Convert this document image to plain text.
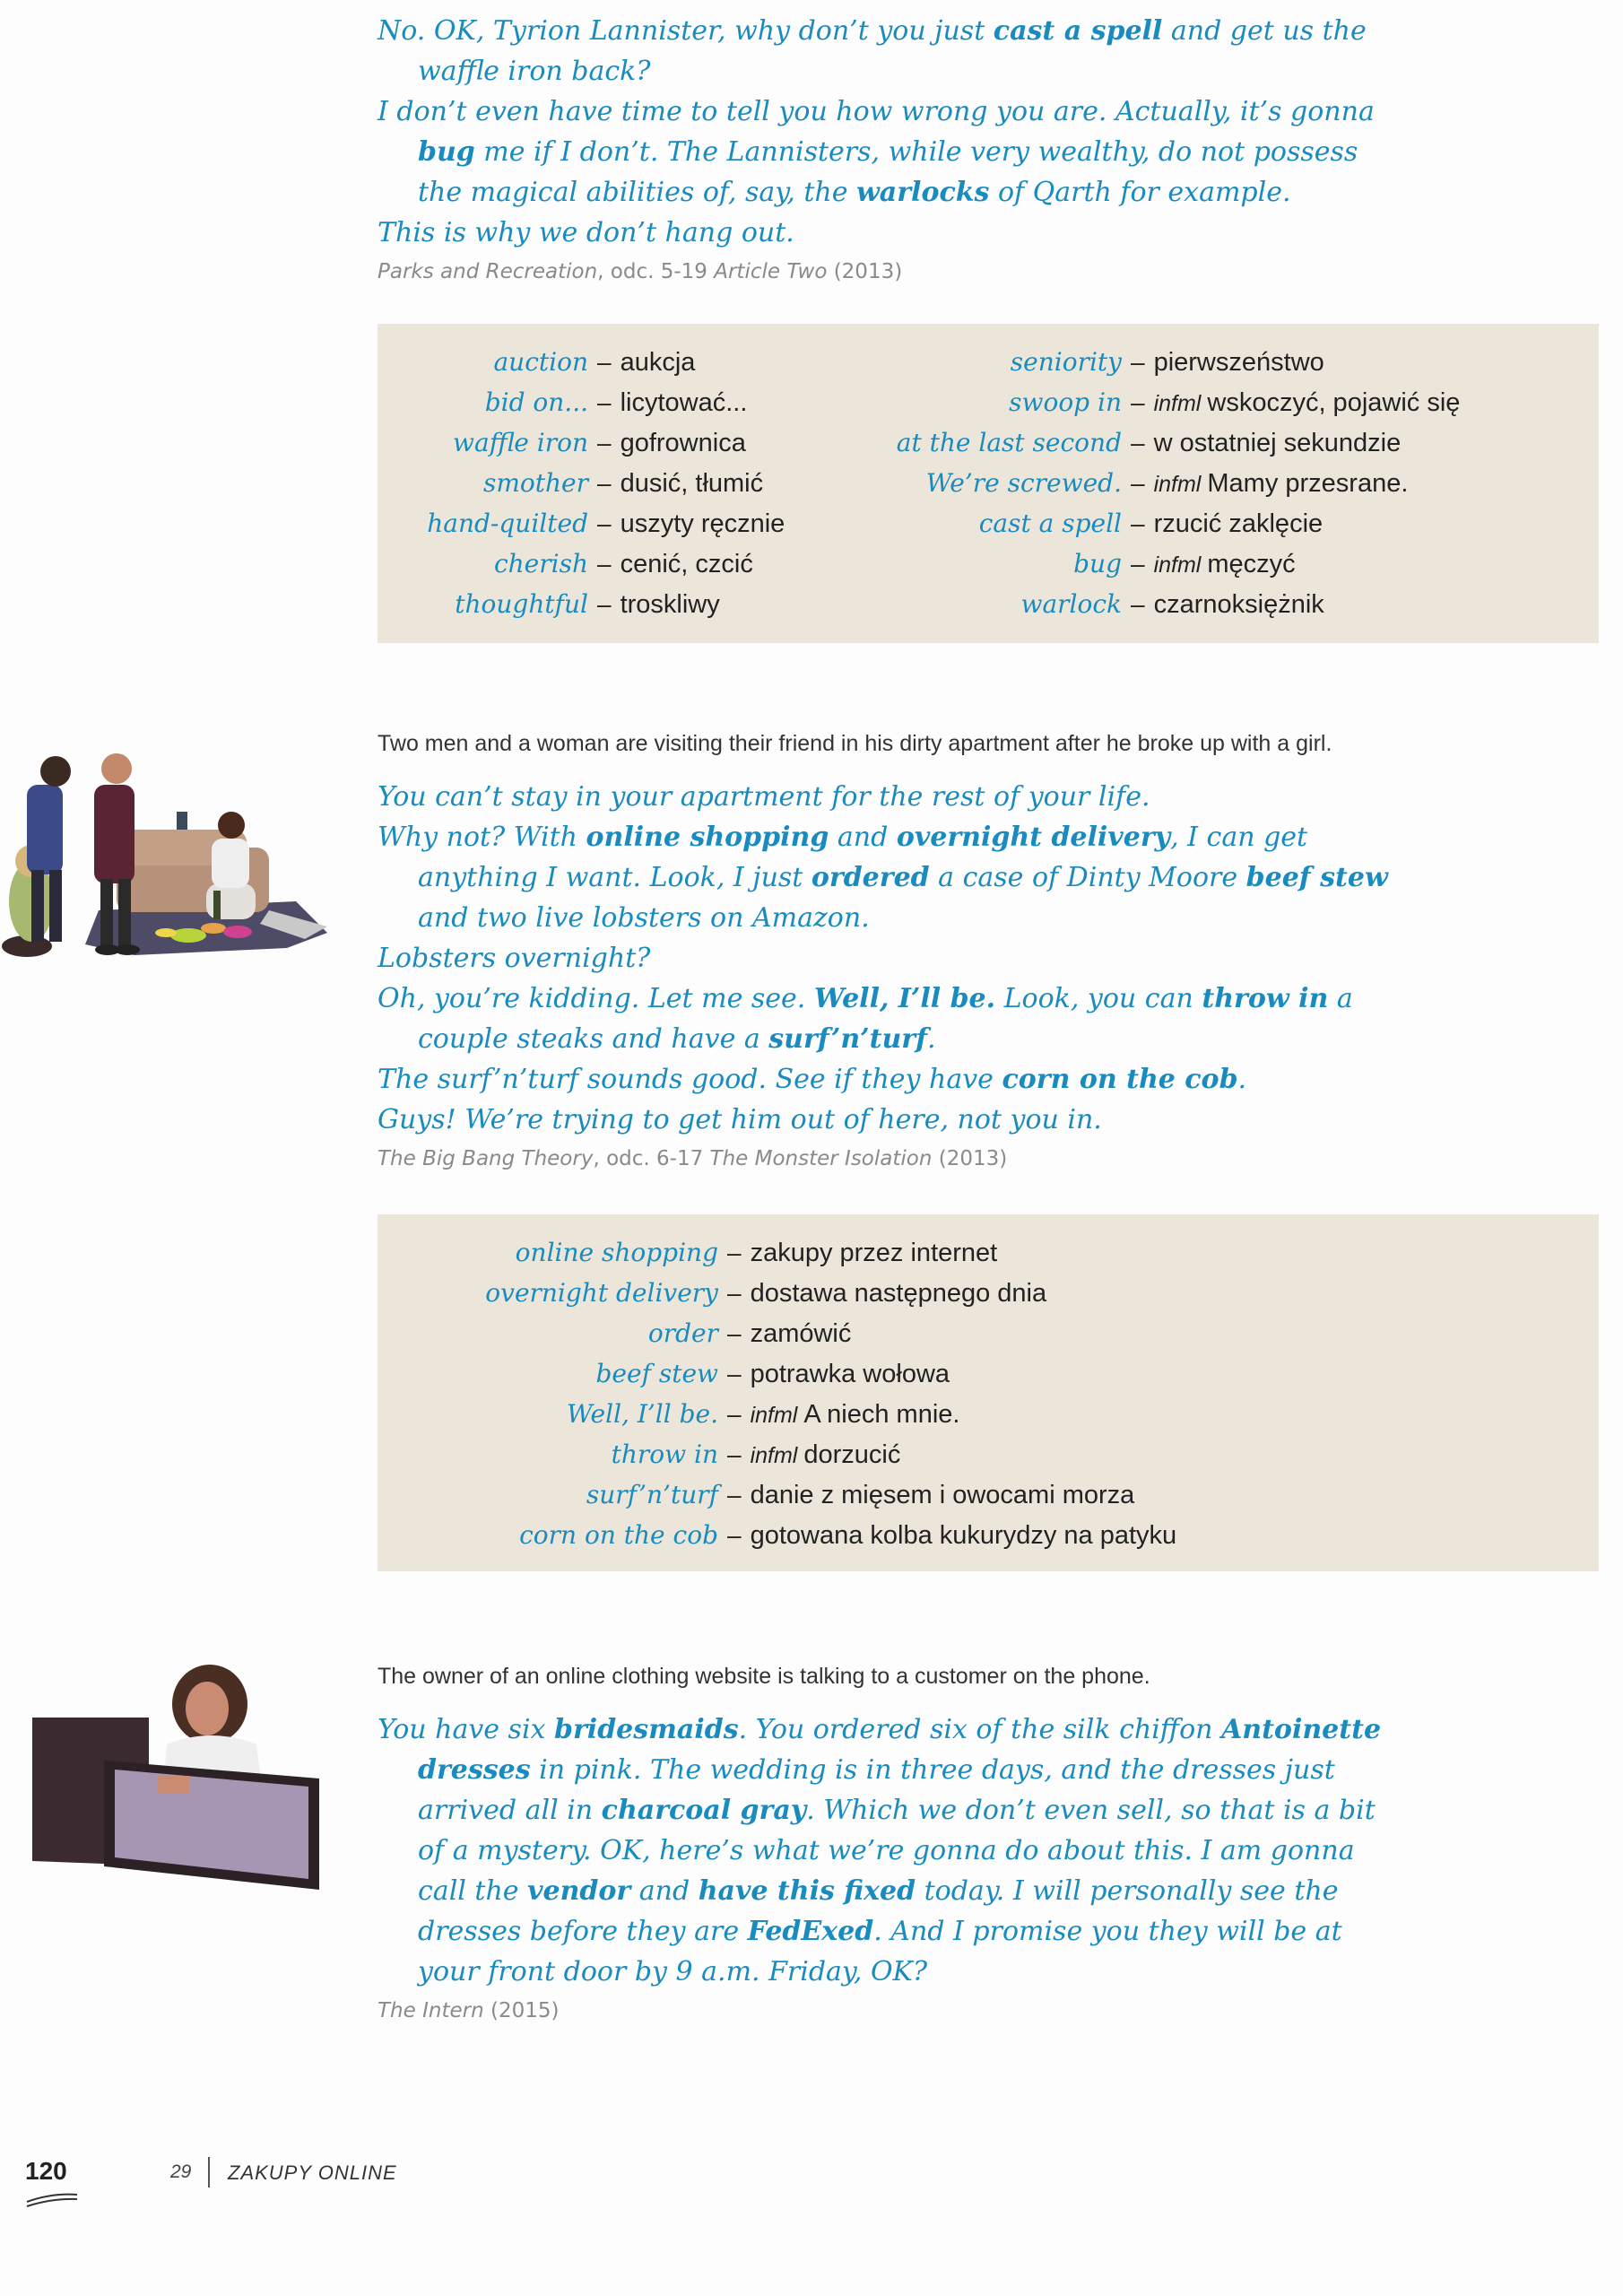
No. OK, Tyrion Lannister, why don’t you just cast a spell and get us the waffle iron back?

I don’t even have time to tell you how wrong you are. Actually, it’s gonna bug me if I don’t. The Lannisters, while very wealthy, do not possess the magical abilities of, say, the warlocks of Qarth for example.

This is why we don’t hang out.

Parks and Recreation, odc. 5-19 Article Two (2013)
auction – aukcja
bid on... – licytować...
waffle iron – gofrownica
smother – dusić, tłumić
hand-quilted – uszyty ręcznie
cherish – cenić, czcić
thoughtful – troskliwy
seniority – pierwszeństwo
swoop in – infml wskoczyć, pojawić się
at the last second – w ostatniej sekundzie
We’re screwed. – infml Mamy przesrane.
cast a spell – rzucić zaklęcie
bug – infml męczyć
warlock – czarnoksiężnik
Two men and a woman are visiting their friend in his dirty apartment after he broke up with a girl.

You can’t stay in your apartment for the rest of your life.

Why not? With online shopping and overnight delivery, I can get anything I want. Look, I just ordered a case of Dinty Moore beef stew and two live lobsters on Amazon.

Lobsters overnight?

Oh, you’re kidding. Let me see. Well, I’ll be. Look, you can throw in a couple steaks and have a surf’n’turf.

The surf’n’turf sounds good. See if they have corn on the cob.

Guys! We’re trying to get him out of here, not you in.

The Big Bang Theory, odc. 6-17 The Monster Isolation (2013)
online shopping – zakupy przez internet
overnight delivery – dostawa następnego dnia
order – zamówić
beef stew – potrawka wołowa
Well, I’ll be. – infml A niech mnie.
throw in – infml dorzucić
surf’n’turf – danie z mięsem i owocami morza
corn on the cob – gotowana kolba kukurydzy na patyku
The owner of an online clothing website is talking to a customer on the phone.

You have six bridesmaids. You ordered six of the silk chiffon Antoinette dresses in pink. The wedding is in three days, and the dresses just arrived all in charcoal gray. Which we don’t even sell, so that is a bit of a mystery. OK, here’s what we’re gonna do about this. I am gonna call the vendor and have this fixed today. I will personally see the dresses before they are FedExed. And I promise you they will be at your front door by 9 a.m. Friday, OK?

The Intern (2015)
120	29 ZAKUPY ONLINE
